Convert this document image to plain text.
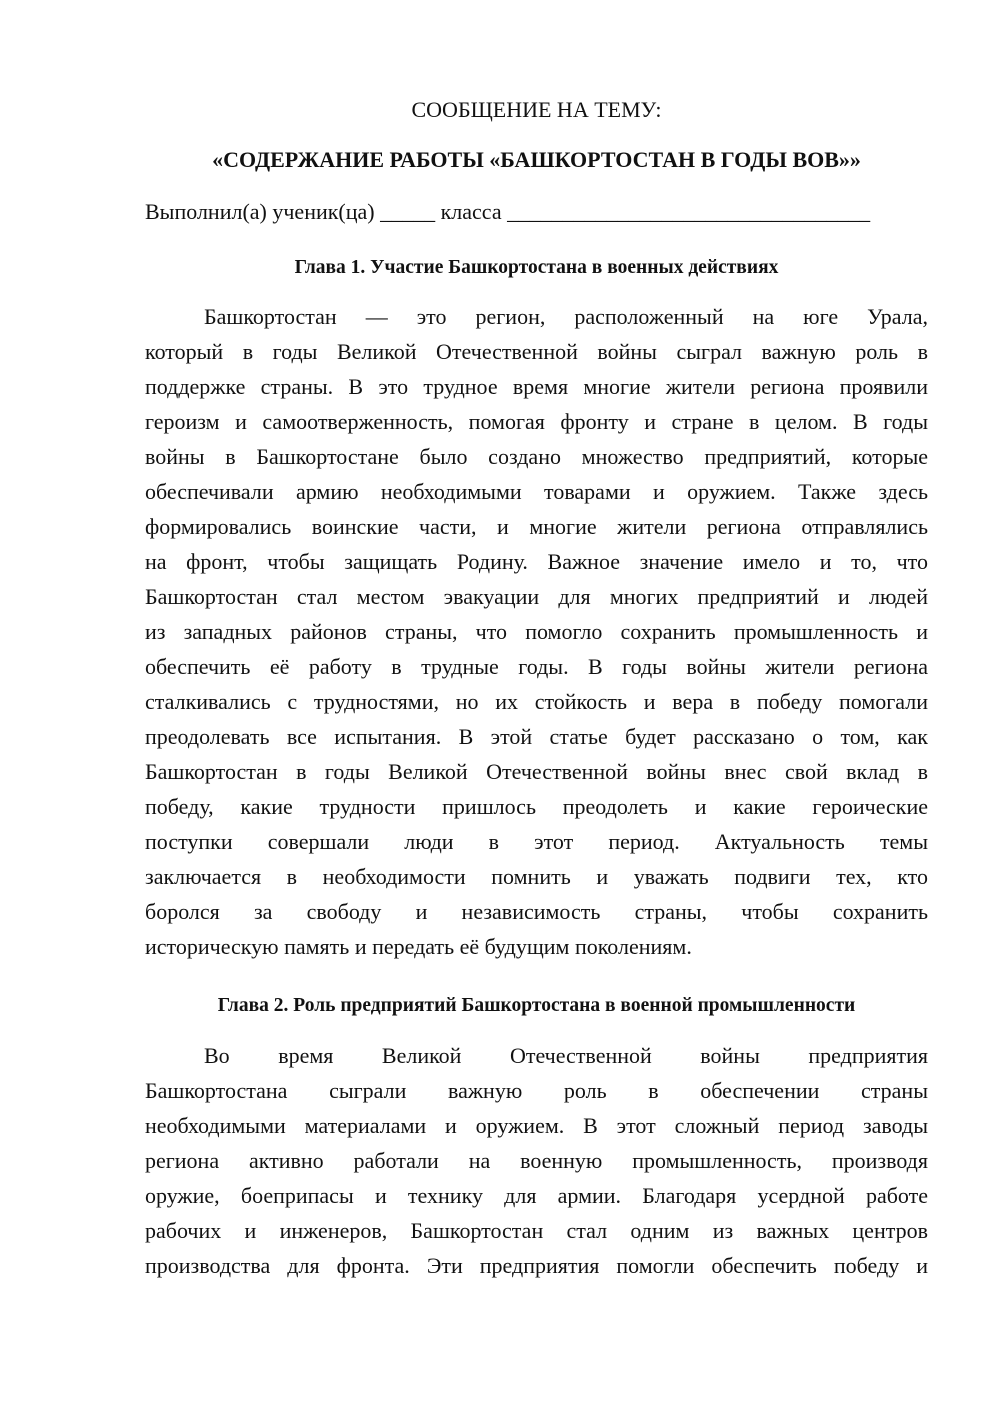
СООБЩЕНИЕ НА ТЕМУ:

«СОДЕРЖАНИЕ РАБОТЫ «БАШКОРТОСТАН В ГОДЫ ВОВ»»

Выполнил(а) ученик(ца) _____ класса _________________________________
Глава 1. Участие Башкортостана в военных действиях
Башкортостан — это регион, расположенный на юге Урала,
который в годы Великой Отечественной войны сыграл важную роль в
поддержке страны. В это трудное время многие жители региона проявили
героизм и самоотверженность, помогая фронту и стране в целом. В годы
войны в Башкортостане было создано множество предприятий, которые
обеспечивали армию необходимыми товарами и оружием. Также здесь
формировались воинские части, и многие жители региона отправлялись
на фронт, чтобы защищать Родину. Важное значение имело и то, что
Башкортостан стал местом эвакуации для многих предприятий и людей
из западных районов страны, что помогло сохранить промышленность и
обеспечить её работу в трудные годы. В годы войны жители региона
сталкивались с трудностями, но их стойкость и вера в победу помогали
преодолевать все испытания. В этой статье будет рассказано о том, как
Башкортостан в годы Великой Отечественной войны внес свой вклад в
победу, какие трудности пришлось преодолеть и какие героические
поступки совершали люди в этот период. Актуальность темы
заключается в необходимости помнить и уважать подвиги тех, кто
боролся за свободу и независимость страны, чтобы сохранить
историческую память и передать её будущим поколениям.
Глава 2. Роль предприятий Башкортостана в военной промышленности
Во время Великой Отечественной войны предприятия
Башкортостана сыграли важную роль в обеспечении страны
необходимыми материалами и оружием. В этот сложный период заводы
региона активно работали на военную промышленность, производя
оружие, боеприпасы и технику для армии. Благодаря усердной работе
рабочих и инженеров, Башкортостан стал одним из важных центров
производства для фронта. Эти предприятия помогли обеспечить победу и
